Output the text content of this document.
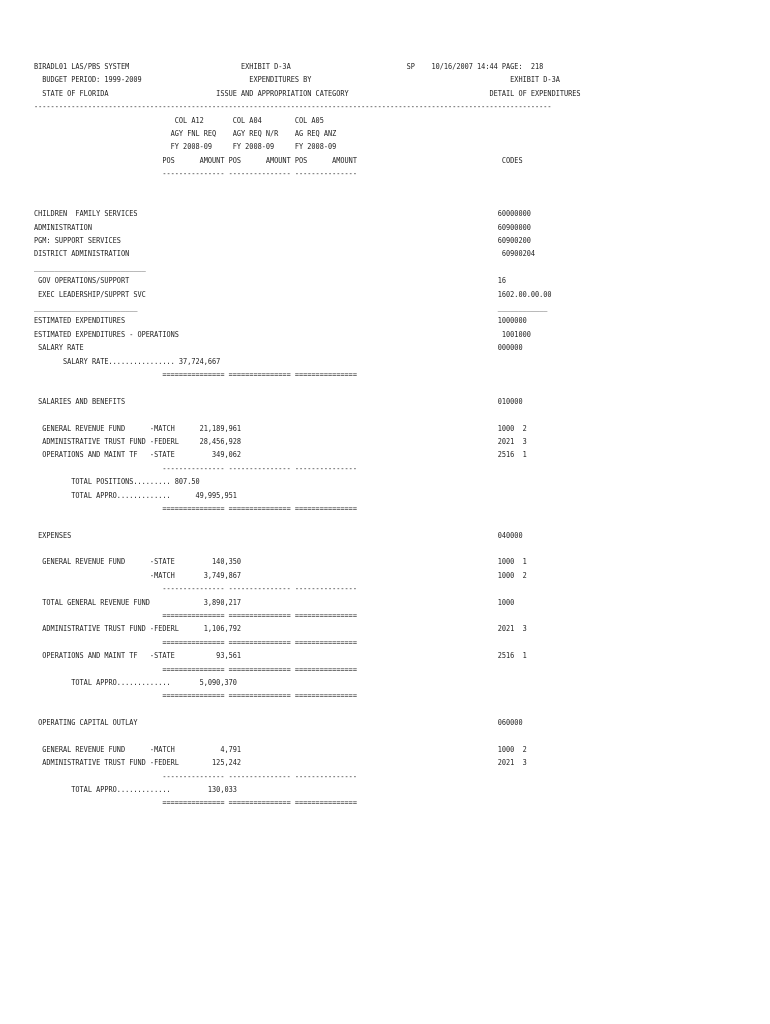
BIRADL01 LAS/PBS SYSTEM                           EXHIBIT D-3A                            SP    10/16/2007 14:44 PAGE:  218
BUDGET PERIOD: 1999-2009                          EXPENDITURES BY                                                EXHIBIT D-3A
STATE OF FLORIDA                          ISSUE AND APPROPRIATION CATEGORY                                  DETAIL OF EXPENDITURES
-----------------------------------------------------------------------------------------------------------------------------
COL A12       COL A04        COL A05
AGY FNL REQ    AGY REQ N/R    AG REQ ANZ
FY 2008-09     FY 2008-09     FY 2008-09
POS      AMOUNT POS      AMOUNT POS      AMOUNT                                   CODES
--------------- --------------- ---------------
CHILDREN  FAMILY SERVICES                                                                                       60000000
ADMINISTRATION                                                                                                  60900000
PGM: SUPPORT SERVICES                                                                                           60900200
DISTRICT ADMINISTRATION                                                                                          60900204
___________________________
GOV OPERATIONS/SUPPORT                                                                                         16
EXEC LEADERSHIP/SUPPRT SVC                                                                                     1602.00.00.00
_________________________                                                                                       ____________
ESTIMATED EXPENDITURES                                                                                          1000000
ESTIMATED EXPENDITURES - OPERATIONS                                                                              1001000
SALARY RATE                                                                                                    000000
SALARY RATE................ 37,724,667
=============== =============== ===============
SALARIES AND BENEFITS                                                                                          010000
GENERAL REVENUE FUND      -MATCH      21,189,961                                                              1000  2
ADMINISTRATIVE TRUST FUND -FEDERL     28,456,928                                                              2021  3
OPERATIONS AND MAINT TF   -STATE         349,062                                                              2516  1
--------------- --------------- ---------------
TOTAL POSITIONS......... 807.50
TOTAL APPRO.............      49,995,951
=============== =============== ===============
EXPENSES                                                                                                       040000
GENERAL REVENUE FUND      -STATE         140,350                                                              1000  1
-MATCH       3,749,867                                                              1000  2
--------------- --------------- ---------------
TOTAL GENERAL REVENUE FUND             3,890,217                                                              1000
=============== =============== ===============
ADMINISTRATIVE TRUST FUND -FEDERL      1,106,792                                                              2021  3
=============== =============== ===============
OPERATIONS AND MAINT TF   -STATE          93,561                                                              2516  1
=============== =============== ===============
TOTAL APPRO.............       5,090,370
=============== =============== ===============
OPERATING CAPITAL OUTLAY                                                                                       060000
GENERAL REVENUE FUND      -MATCH           4,791                                                              1000  2
ADMINISTRATIVE TRUST FUND -FEDERL        125,242                                                              2021  3
--------------- --------------- ---------------
TOTAL APPRO.............         130,033
=============== =============== ===============
